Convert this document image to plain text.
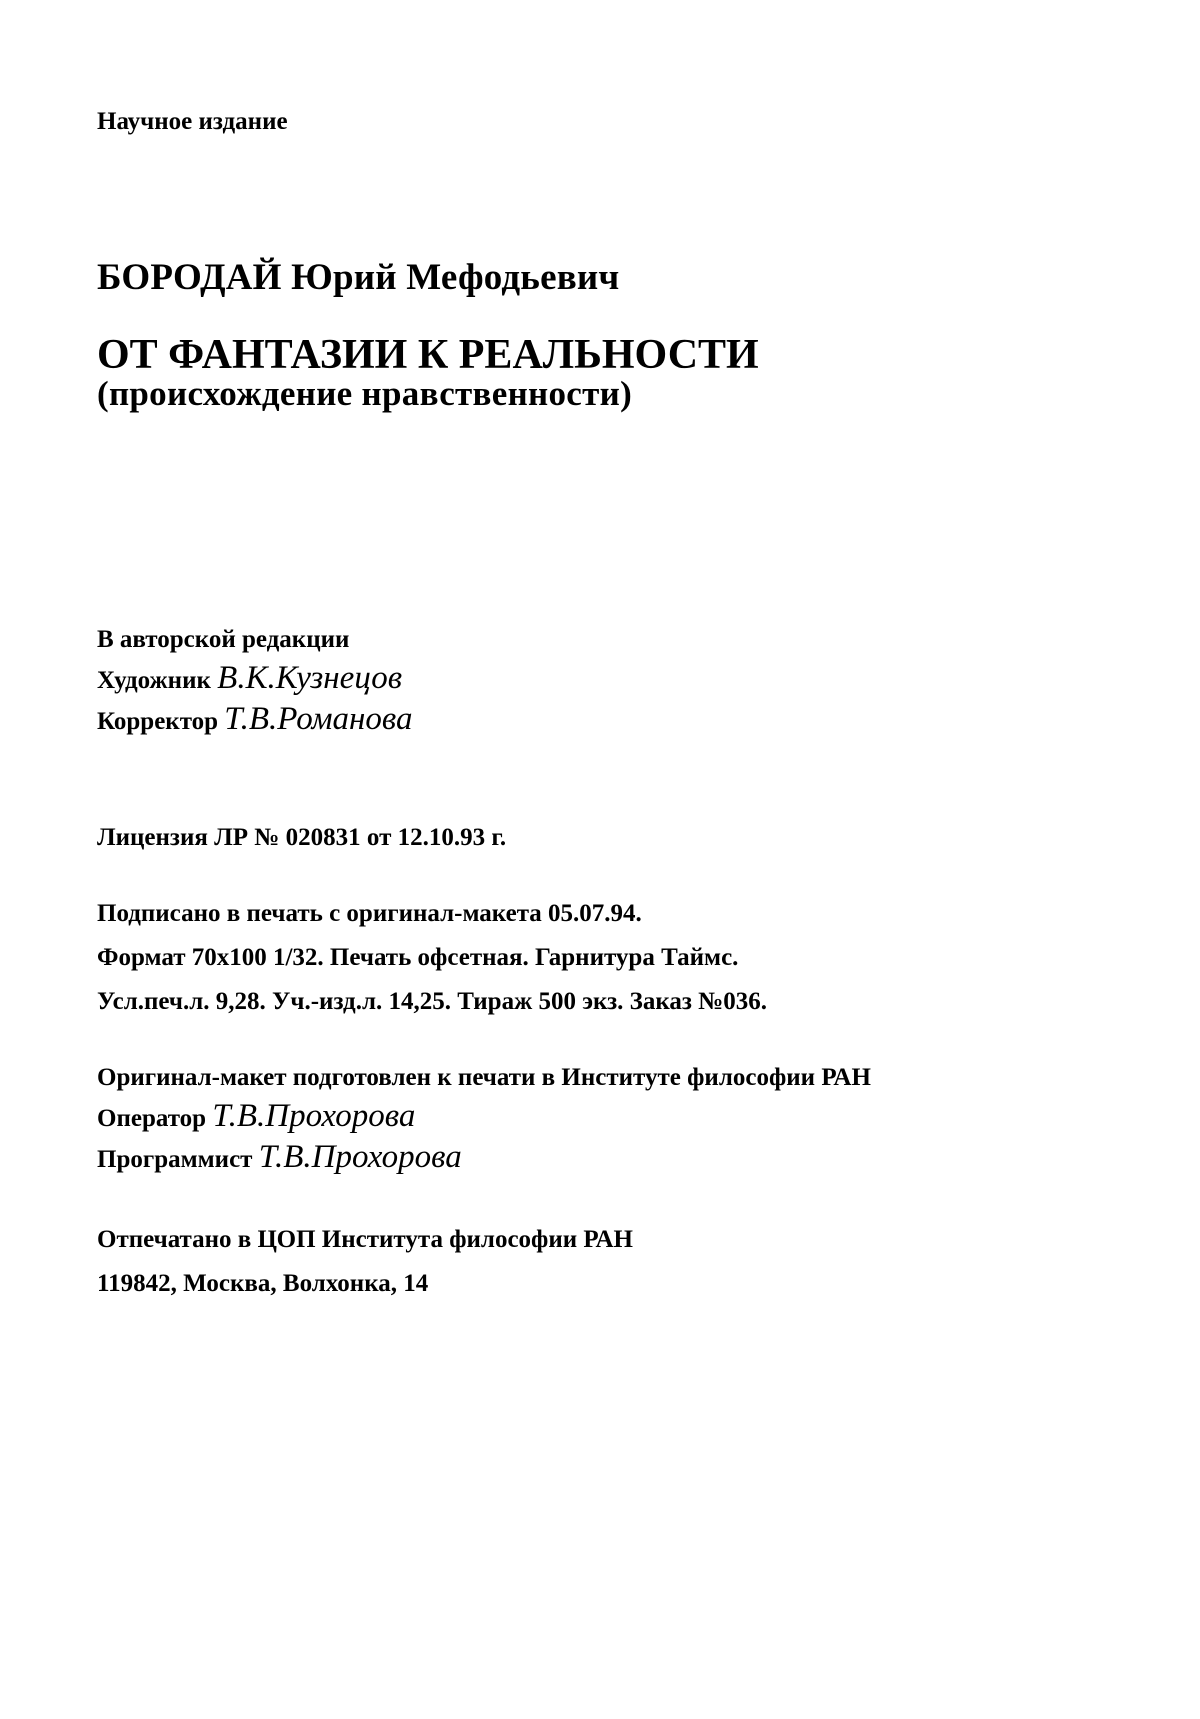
Научное издание
БОРОДАЙ Юрий Мефодьевич
ОТ ФАНТАЗИИ К РЕАЛЬНОСТИ
(происхождение нравственности)
В авторской редакции
Художник В.К.Кузнецов
Корректор Т.В.Романова
Лицензия ЛР № 020831 от 12.10.93 г.
Подписано в печать с оригинал-макета 05.07.94.
Формат 70х100 1/32. Печать офсетная. Гарнитура Таймс.
Усл.печ.л. 9,28. Уч.-изд.л. 14,25. Тираж 500 экз. Заказ №036.
Оригинал-макет подготовлен к печати в Институте философии РАН
Оператор Т.В.Прохорова
Программист Т.В.Прохорова
Отпечатано в ЦОП Института философии РАН
119842, Москва, Волхонка, 14
